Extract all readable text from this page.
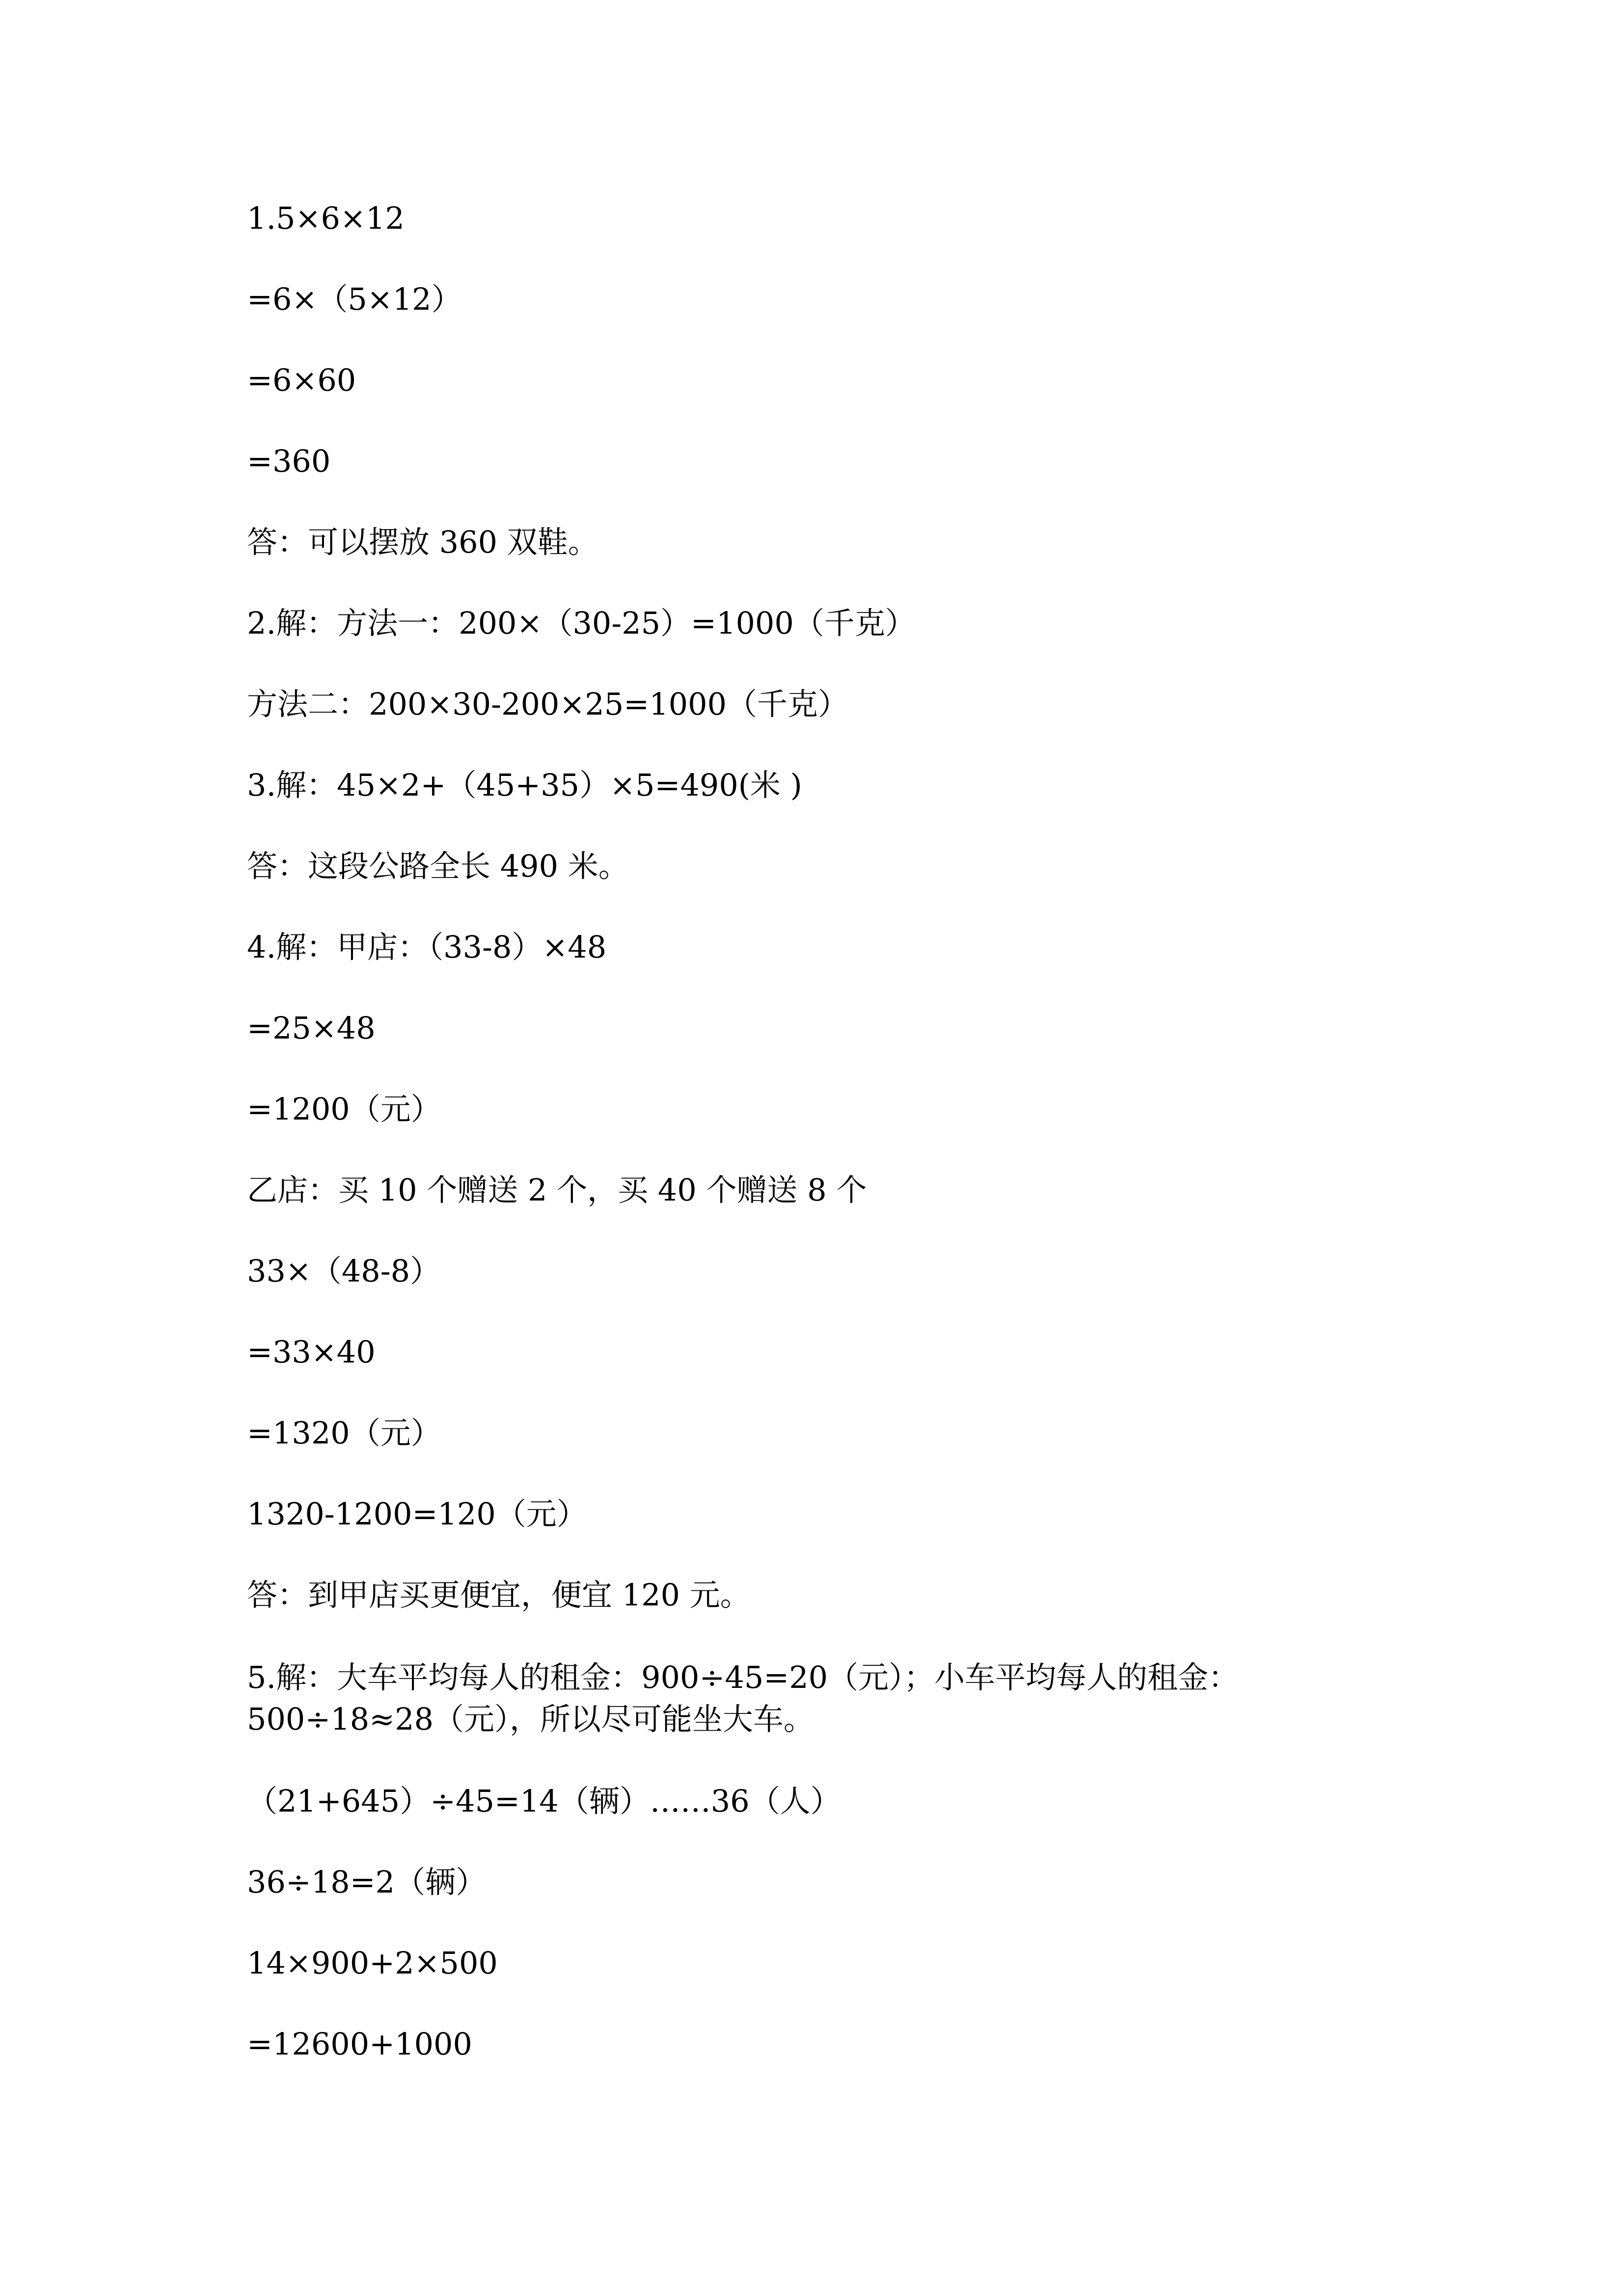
1.5×6×12

=6×（5×12）

=6×60

=360

答：可以摆放 360 双鞋。

2.解：方法一：200×（30-25）=1000（千克）

方法二：200×30-200×25=1000（千克）

3.解：45×2+（45+35）×5=490(米 )

答：这段公路全长 490 米。

4.解：甲店：（33-8）×48

=25×48

=1200（元）

乙店：买 10 个赠送 2 个，买 40 个赠送 8 个

33×（48-8）

=33×40

=1320（元）

1320-1200=120（元）

答：到甲店买更便宜，便宜 120 元。

5.解：大车平均每人的租金：900÷45=20（元）；小车平均每人的租金：

500÷18≈28（元），所以尽可能坐大车。

（21+645）÷45=14（辆）……36（人）

36÷18=2（辆）

14×900+2×500

=12600+1000
